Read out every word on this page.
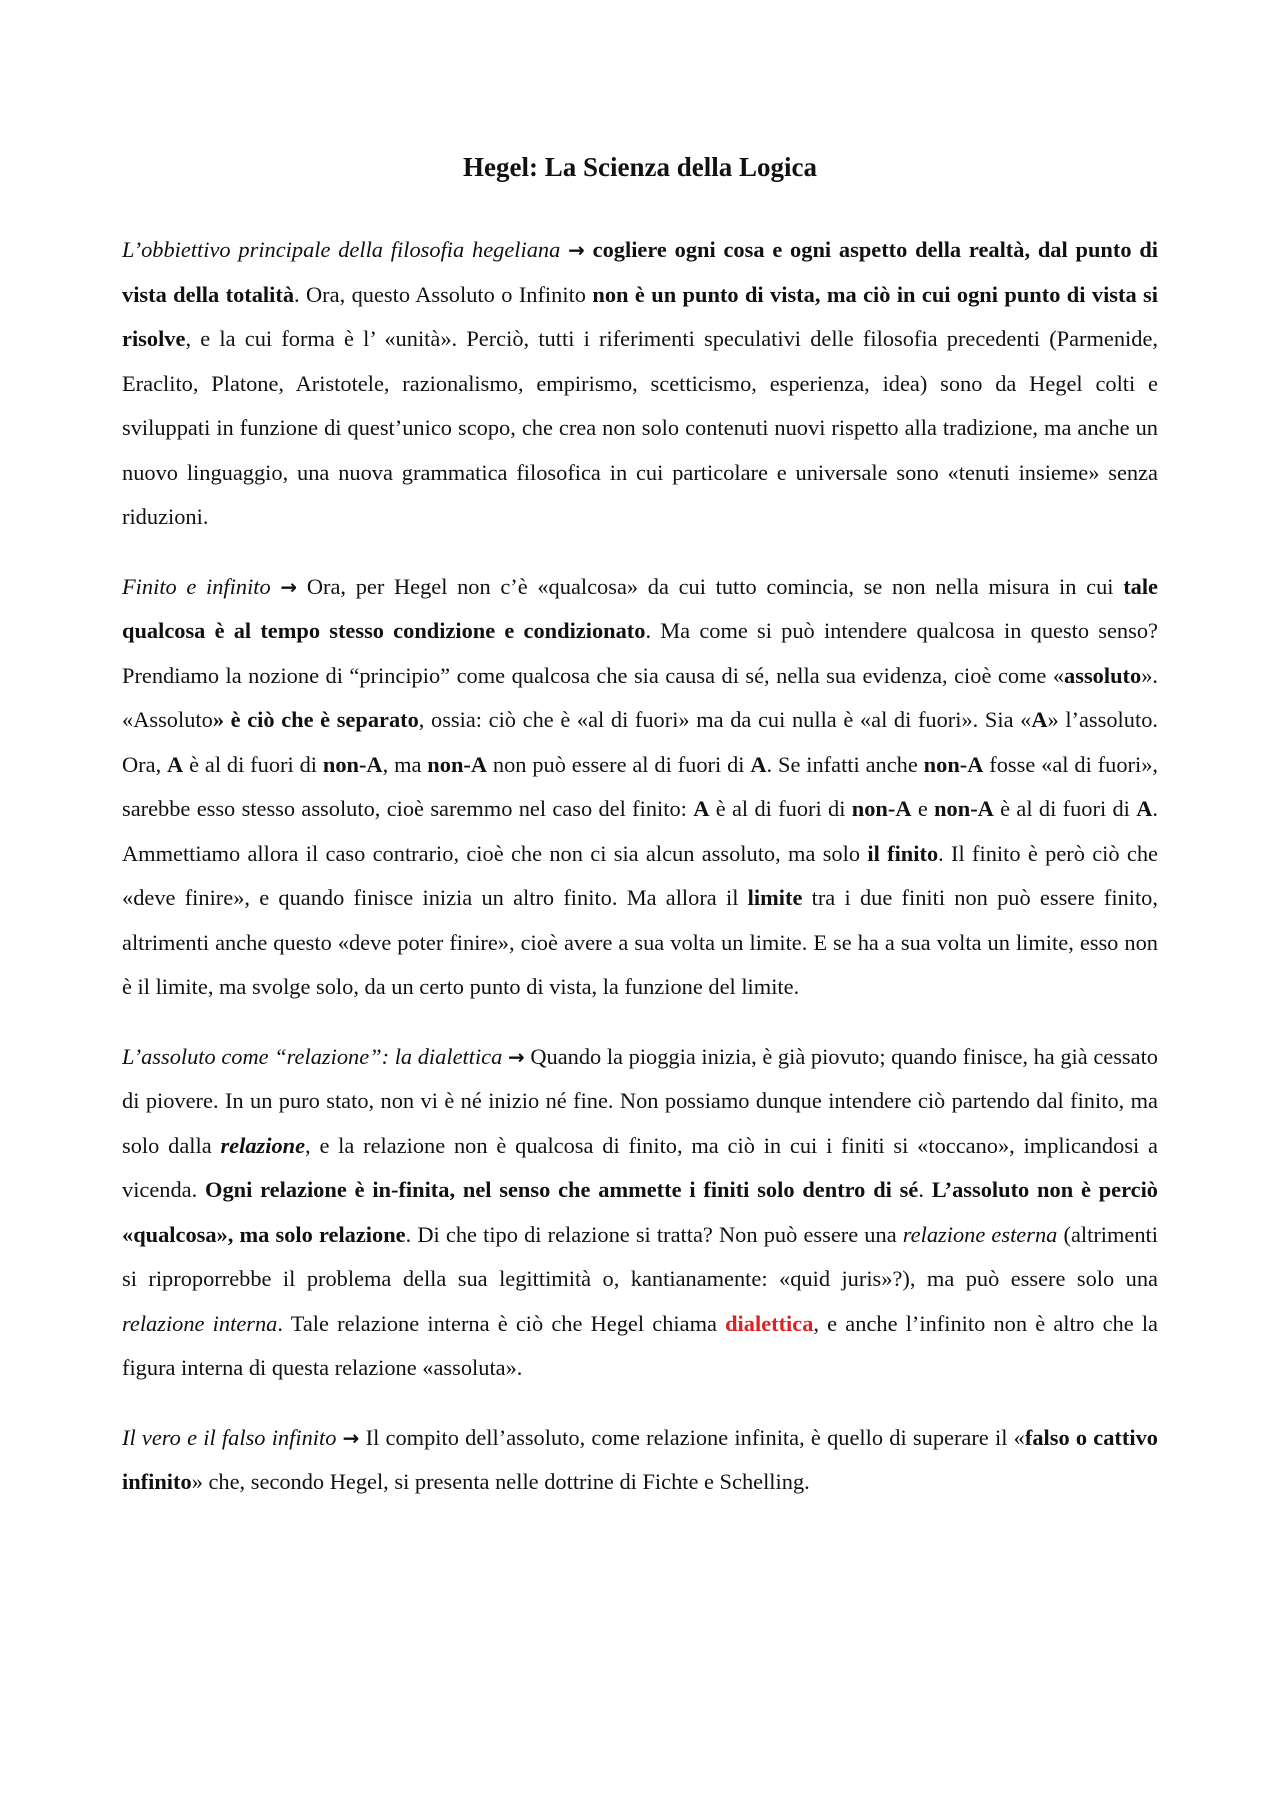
Hegel: La Scienza della Logica

L’obbiettivo principale della filosofia hegeliana → cogliere ogni cosa e ogni aspetto della realtà, dal punto di vista della totalità. Ora, questo Assoluto o Infinito non è un punto di vista, ma ciò in cui ogni punto di vista si risolve, e la cui forma è l’ «unità». Perciò, tutti i riferimenti speculativi delle filosofia precedenti (Parmenide, Eraclito, Platone, Aristotele, razionalismo, empirismo, scetticismo, esperienza, idea) sono da Hegel colti e sviluppati in funzione di quest’unico scopo, che crea non solo contenuti nuovi rispetto alla tradizione, ma anche un nuovo linguaggio, una nuova grammatica filosofica in cui particolare e universale sono «tenuti insieme» senza riduzioni.

Finito e infinito → Ora, per Hegel non c’è «qualcosa» da cui tutto comincia, se non nella misura in cui tale qualcosa è al tempo stesso condizione e condizionato. Ma come si può intendere qualcosa in questo senso? Prendiamo la nozione di “principio” come qualcosa che sia causa di sé, nella sua evidenza, cioè come «assoluto». «Assoluto» è ciò che è separato, ossia: ciò che è «al di fuori» ma da cui nulla è «al di fuori». Sia «A» l’assoluto. Ora, A è al di fuori di non-A, ma non-A non può essere al di fuori di A. Se infatti anche non-A fosse «al di fuori», sarebbe esso stesso assoluto, cioè saremmo nel caso del finito: A è al di fuori di non-A e non-A è al di fuori di A. Ammettiamo allora il caso contrario, cioè che non ci sia alcun assoluto, ma solo il finito. Il finito è però ciò che «deve finire», e quando finisce inizia un altro finito. Ma allora il limite tra i due finiti non può essere finito, altrimenti anche questo «deve poter finire», cioè avere a sua volta un limite. E se ha a sua volta un limite, esso non è il limite, ma svolge solo, da un certo punto di vista, la funzione del limite.

L’assoluto come “relazione”: la dialettica → Quando la pioggia inizia, è già piovuto; quando finisce, ha già cessato di piovere. In un puro stato, non vi è né inizio né fine. Non possiamo dunque intendere ciò partendo dal finito, ma solo dalla relazione, e la relazione non è qualcosa di finito, ma ciò in cui i finiti si «toccano», implicandosi a vicenda. Ogni relazione è in-finita, nel senso che ammette i finiti solo dentro di sé. L’assoluto non è perciò «qualcosa», ma solo relazione. Di che tipo di relazione si tratta? Non può essere una relazione esterna (altrimenti si riproporrebbe il problema della sua legittimità o, kantianamente: «quid juris»?), ma può essere solo una relazione interna. Tale relazione interna è ciò che Hegel chiama dialettica, e anche l’infinito non è altro che la figura interna di questa relazione «assoluta».

Il vero e il falso infinito → Il compito dell’assoluto, come relazione infinita, è quello di superare il «falso o cattivo infinito» che, secondo Hegel, si presenta nelle dottrine di Fichte e Schelling.
